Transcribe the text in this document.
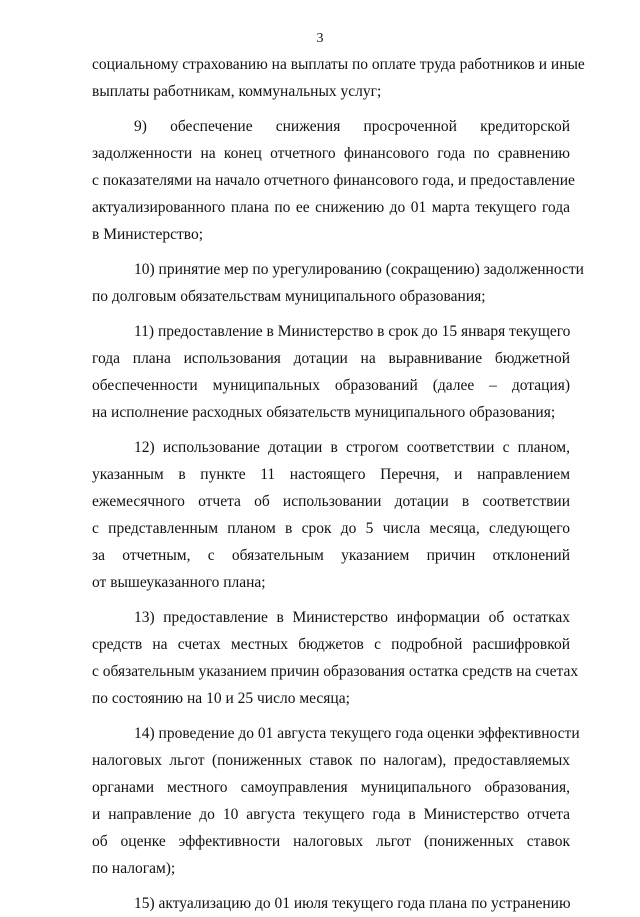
3
социальному страхованию на выплаты по оплате труда работников и иные
выплаты работникам, коммунальных услуг;
9) обеспечение снижения просроченной кредиторской
задолженности на конец отчетного финансового года по сравнению
с показателями на начало отчетного финансового года, и предоставление
актуализированного плана по ее снижению до 01 марта текущего года
в Министерство;
10) принятие мер по урегулированию (сокращению) задолженности
по долговым обязательствам муниципального образования;
11) предоставление в Министерство в срок до 15 января текущего
года плана использования дотации на выравнивание бюджетной
обеспеченности муниципальных образований (далее – дотация)
на исполнение расходных обязательств муниципального образования;
12) использование дотации в строгом соответствии с планом,
указанным в пункте 11 настоящего Перечня, и направлением
ежемесячного отчета об использовании дотации в соответствии
с представленным планом в срок до 5 числа месяца, следующего
за отчетным, с обязательным указанием причин отклонений
от вышеуказанного плана;
13) предоставление в Министерство информации об остатках
средств на счетах местных бюджетов с подробной расшифровкой
с обязательным указанием причин образования остатка средств на счетах
по состоянию на 10 и 25 число месяца;
14) проведение до 01 августа текущего года оценки эффективности
налоговых льгот (пониженных ставок по налогам), предоставляемых
органами местного самоуправления муниципального образования,
и направление до 10 августа текущего года в Министерство отчета
об оценке эффективности налоговых льгот (пониженных ставок
по налогам);
15) актуализацию до 01 июля текущего года плана по устранению
